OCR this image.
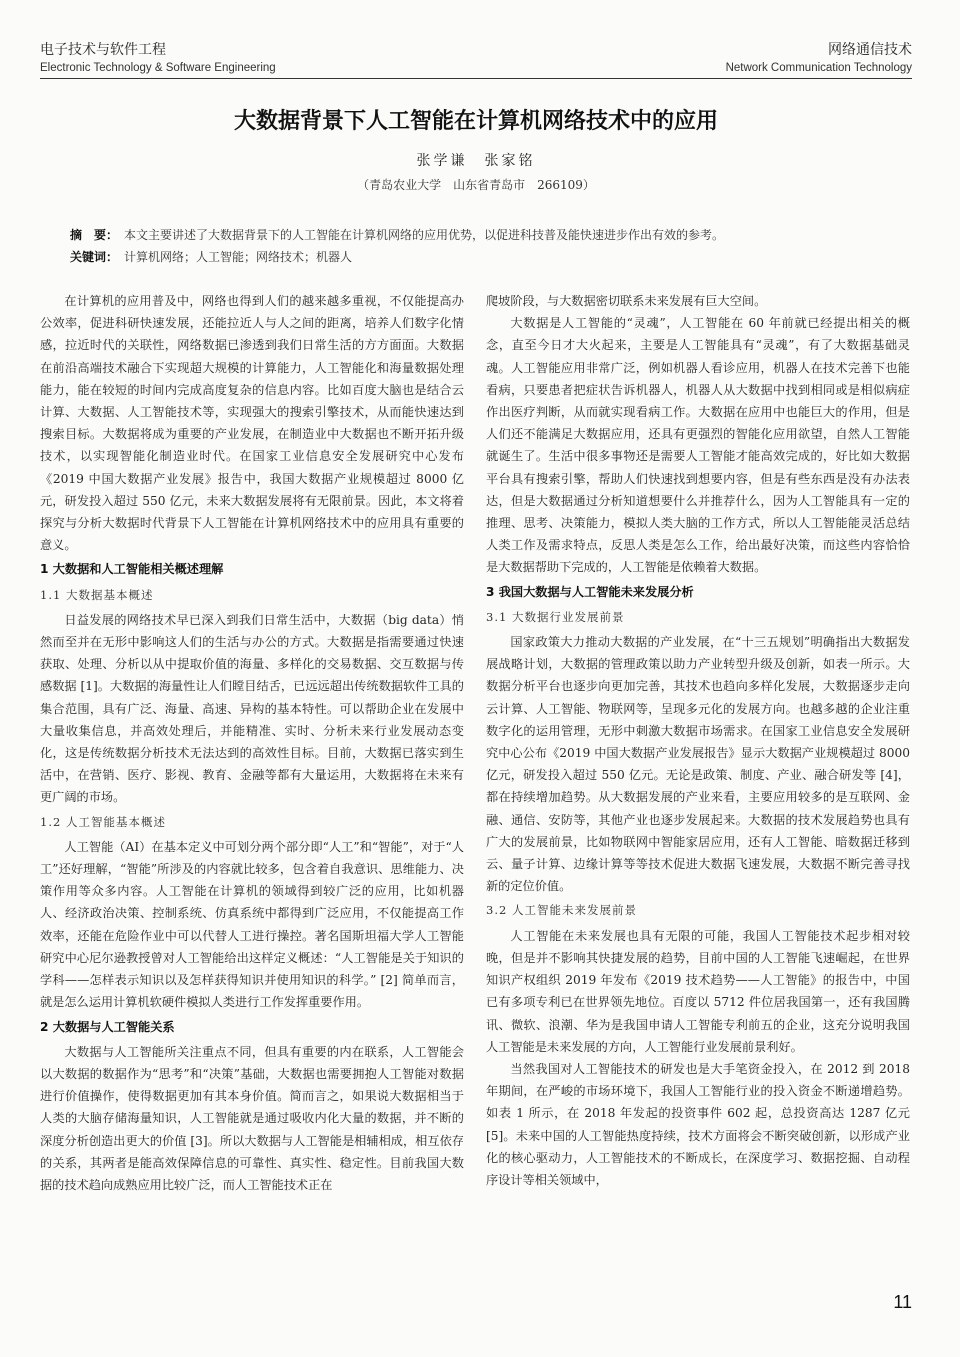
电子技术与软件工程
Electronic Technology & Software Engineering
网络通信技术
Network Communication Technology
大数据背景下人工智能在计算机网络技术中的应用
张学谦　张家铭
（青岛农业大学　山东省青岛市　266109）
摘　要： 本文主要讲述了大数据背景下的人工智能在计算机网络的应用优势，以促进科技普及能快速进步作出有效的参考。
关键词： 计算机网络；人工智能；网络技术；机器人

在计算机的应用普及中，网络也得到人们的越来越多重视，不仅能提高办公效率，促进科研快速发展，还能拉近人与人之间的距离，培养人们数字化情感，拉近时代的关联性，网络数据已渗透到我们日常生活的方方面面。大数据在前沿高端技术融合下实现超大规模的计算能力，人工智能化和海量数据处理能力，能在较短的时间内完成高度复杂的信息内容。比如百度大脑也是结合云计算、大数据、人工智能技术等，实现强大的搜索引擎技术，从而能快速达到搜索目标。大数据将成为重要的产业发展，在制造业中大数据也不断开拓升级技术，以实现智能化制造业时代。在国家工业信息安全发展研究中心发布《2019 中国大数据产业发展》报告中，我国大数据产业规模超过 8000 亿元，研发投入超过 550 亿元，未来大数据发展将有无限前景。因此，本文将着探究与分析大数据时代背景下人工智能在计算机网络技术中的应用具有重要的意义。

1 大数据和人工智能相关概述理解
1.1 大数据基本概述

日益发展的网络技术早已深入到我们日常生活中，大数据（big data）悄然而至并在无形中影响这人们的生活与办公的方式。大数据是指需要通过快速获取、处理、分析以从中提取价值的海量、多样化的交易数据、交互数据与传感数据 [1]。大数据的海量性让人们瞠目结舌，已远远超出传统数据软件工具的集合范围，具有广泛、海量、高速、异构的基本特性。可以帮助企业在发展中大量收集信息，并高效处理后，并能精准、实时、分析未来行业发展动态变化，这是传统数据分析技术无法达到的高效性目标。目前，大数据已落实到生活中，在营销、医疗、影视、教育、金融等都有大量运用，大数据将在未来有更广阔的市场。

1.2 人工智能基本概述

人工智能（AI）在基本定义中可划分两个部分即“人工”和“智能”，对于“人工”还好理解，“智能”所涉及的内容就比较多，包含着自我意识、思维能力、决策作用等众多内容。人工智能在计算机的领域得到较广泛的应用，比如机器人、经济政治决策、控制系统、仿真系统中都得到广泛应用，不仅能提高工作效率，还能在危险作业中可以代替人工进行操控。著名国斯坦福大学人工智能研究中心尼尔逊教授曾对人工智能给出这样定义概述：“人工智能是关于知识的学科——怎样表示知识以及怎样获得知识并使用知识的科学。” [2] 简单而言，就是怎么运用计算机软硬件模拟人类进行工作发挥重要作用。

2 大数据与人工智能关系

大数据与人工智能所关注重点不同，但具有重要的内在联系，人工智能会以大数据的数据作为“思考”和“决策”基础，大数据也需要拥抱人工智能对数据进行价值操作，使得数据更加有其本身价值。简而言之，如果说大数据相当于人类的大脑存储海量知识，人工智能就是通过吸收内化大量的数据，并不断的深度分析创造出更大的价值 [3]。所以大数据与人工智能是相辅相成，相互依存的关系，其两者是能高效保障信息的可靠性、真实性、稳定性。目前我国大数据的技术趋向成熟应用比较广泛，而人工智能技术正在

爬坡阶段，与大数据密切联系未来发展有巨大空间。

大数据是人工智能的“灵魂”，人工智能在 60 年前就已经提出相关的概念，直至今日才大火起来，主要是人工智能具有“灵魂”，有了大数据基础灵魂。人工智能应用非常广泛，例如机器人看诊应用，机器人在技术完善下也能看病，只要患者把症状告诉机器人，机器人从大数据中找到相同或是相似病症作出医疗判断，从而就实现看病工作。大数据在应用中也能巨大的作用，但是人们还不能满足大数据应用，还具有更强烈的智能化应用欲望，自然人工智能就诞生了。生活中很多事物还是需要人工智能才能高效完成的，好比如大数据平台具有搜索引擎，帮助人们快速找到想要内容，但是有些东西是没有办法表达，但是大数据通过分析知道想要什么并推荐什么，因为人工智能具有一定的推理、思考、决策能力，模拟人类大脑的工作方式，所以人工智能能灵活总结人类工作及需求特点，反思人类是怎么工作，给出最好决策，而这些内容恰恰是大数据帮助下完成的，人工智能是依赖着大数据。

3 我国大数据与人工智能未来发展分析
3.1 大数据行业发展前景

国家政策大力推动大数据的产业发展，在“十三五规划”明确指出大数据发展战略计划，大数据的管理政策以助力产业转型升级及创新，如表一所示。大数据分析平台也逐步向更加完善，其技术也趋向多样化发展，大数据逐步走向云计算、人工智能、物联网等，呈现多元化的发展方向。也越多越的企业注重数字化的运用管理，无形中刺激大数据市场需求。在国家工业信息安全发展研究中心公布《2019 中国大数据产业发展报告》显示大数据产业规模超过 8000 亿元，研发投入超过 550 亿元。无论是政策、制度、产业、融合研发等 [4]，都在持续增加趋势。从大数据发展的产业来看，主要应用较多的是互联网、金融、通信、安防等，其他产业也逐步发展起来。大数据的技术发展趋势也具有广大的发展前景，比如物联网中智能家居应用，还有人工智能、暗数据迁移到云、量子计算、边缘计算等等技术促进大数据飞速发展，大数据不断完善寻找新的定位价值。

3.2 人工智能未来发展前景

人工智能在未来发展也具有无限的可能，我国人工智能技术起步相对较晚，但是并不影响其快捷发展的趋势，目前中国的人工智能飞速崛起，在世界知识产权组织 2019 年发布《2019 技术趋势——人工智能》的报告中，中国已有多项专利已在世界领先地位。百度以 5712 件位居我国第一，还有我国腾讯、微软、浪潮、华为是我国申请人工智能专利前五的企业，这充分说明我国人工智能是未来发展的方向，人工智能行业发展前景利好。

当然我国对人工智能技术的研发也是大手笔资金投入，在 2012 到 2018 年期间，在严峻的市场环境下，我国人工智能行业的投入资金不断递增趋势。如表 1 所示，在 2018 年发起的投资事件 602 起，总投资高达 1287 亿元 [5]。未来中国的人工智能热度持续，技术方面将会不断突破创新，以形成产业化的核心驱动力，人工智能技术的不断成长，在深度学习、数据挖掘、自动程序设计等相关领域中，

11
